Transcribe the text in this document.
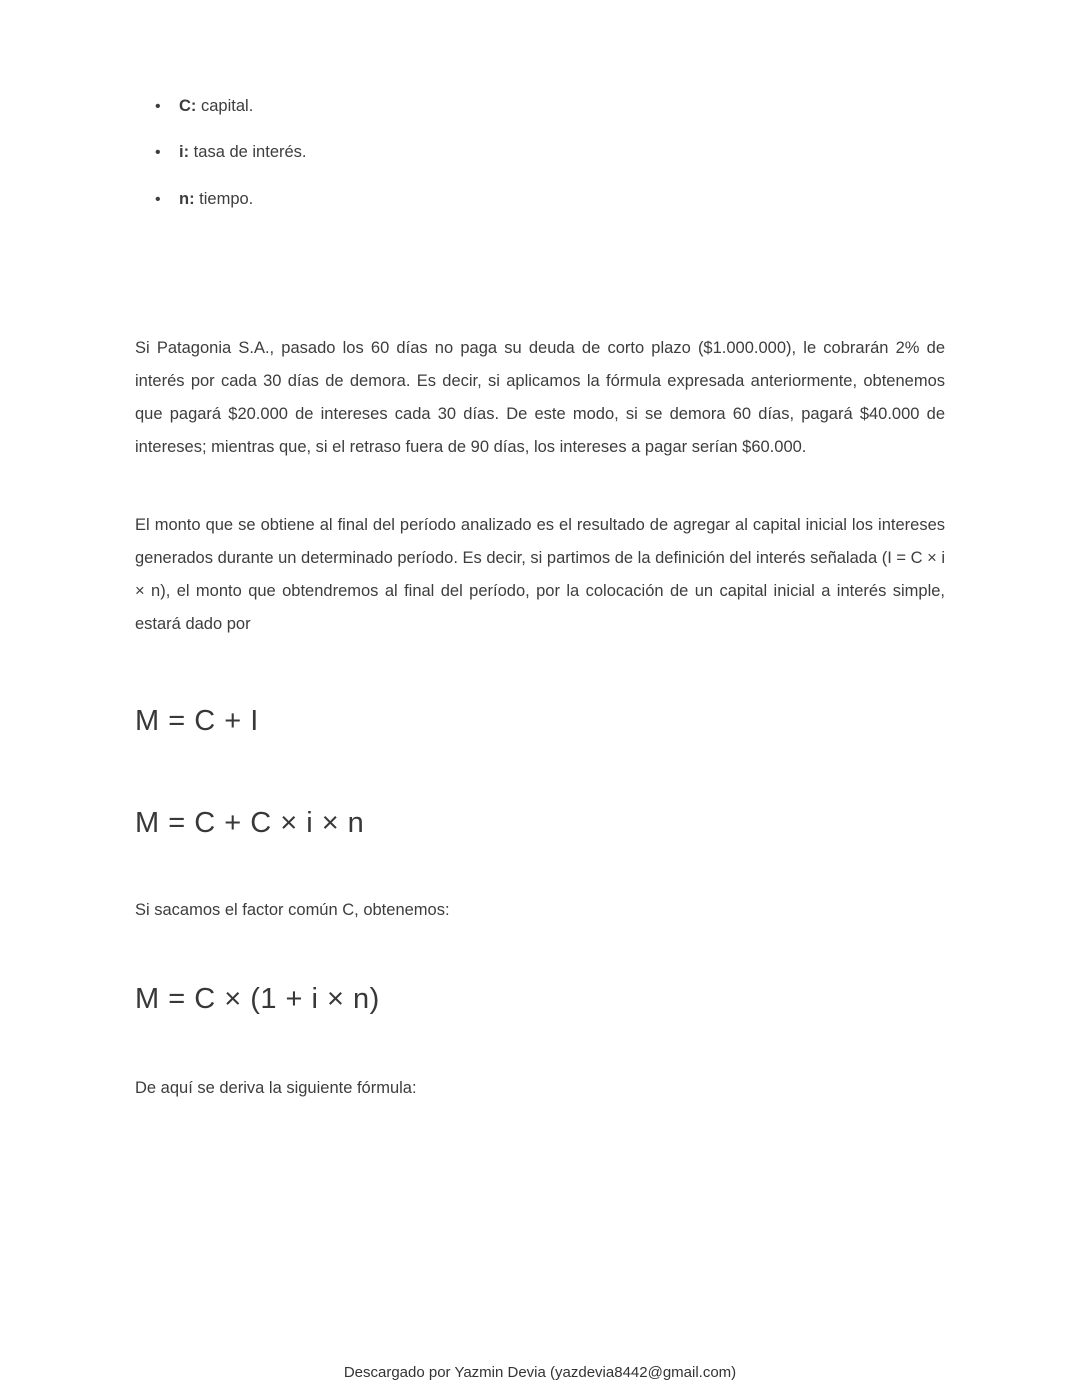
•	C: capital.
•	i: tasa de interés.
•	n: tiempo.

Si Patagonia S.A., pasado los 60 días no paga su deuda de corto plazo ($1.000.000), le cobrarán 2% de interés por cada 30 días de demora. Es decir, si aplicamos la fórmula expresada anteriormente, obtenemos que pagará $20.000 de intereses cada 30 días. De este modo, si se demora 60 días, pagará $40.000 de intereses; mientras que, si el retraso fuera de 90 días, los intereses a pagar serían $60.000.

El monto que se obtiene al final del período analizado es el resultado de agregar al capital inicial los intereses generados durante un determinado período. Es decir, si partimos de la definición del interés señalada (I = C × i × n), el monto que obtendremos al final del período, por la colocación de un capital inicial a interés simple, estará dado por

M = C + I
M = C + C × i × n

Si sacamos el factor común C, obtenemos:

M = C × (1 + i × n)

De aquí se deriva la siguiente fórmula:

Descargado por Yazmin Devia (yazdevia8442@gmail.com)
